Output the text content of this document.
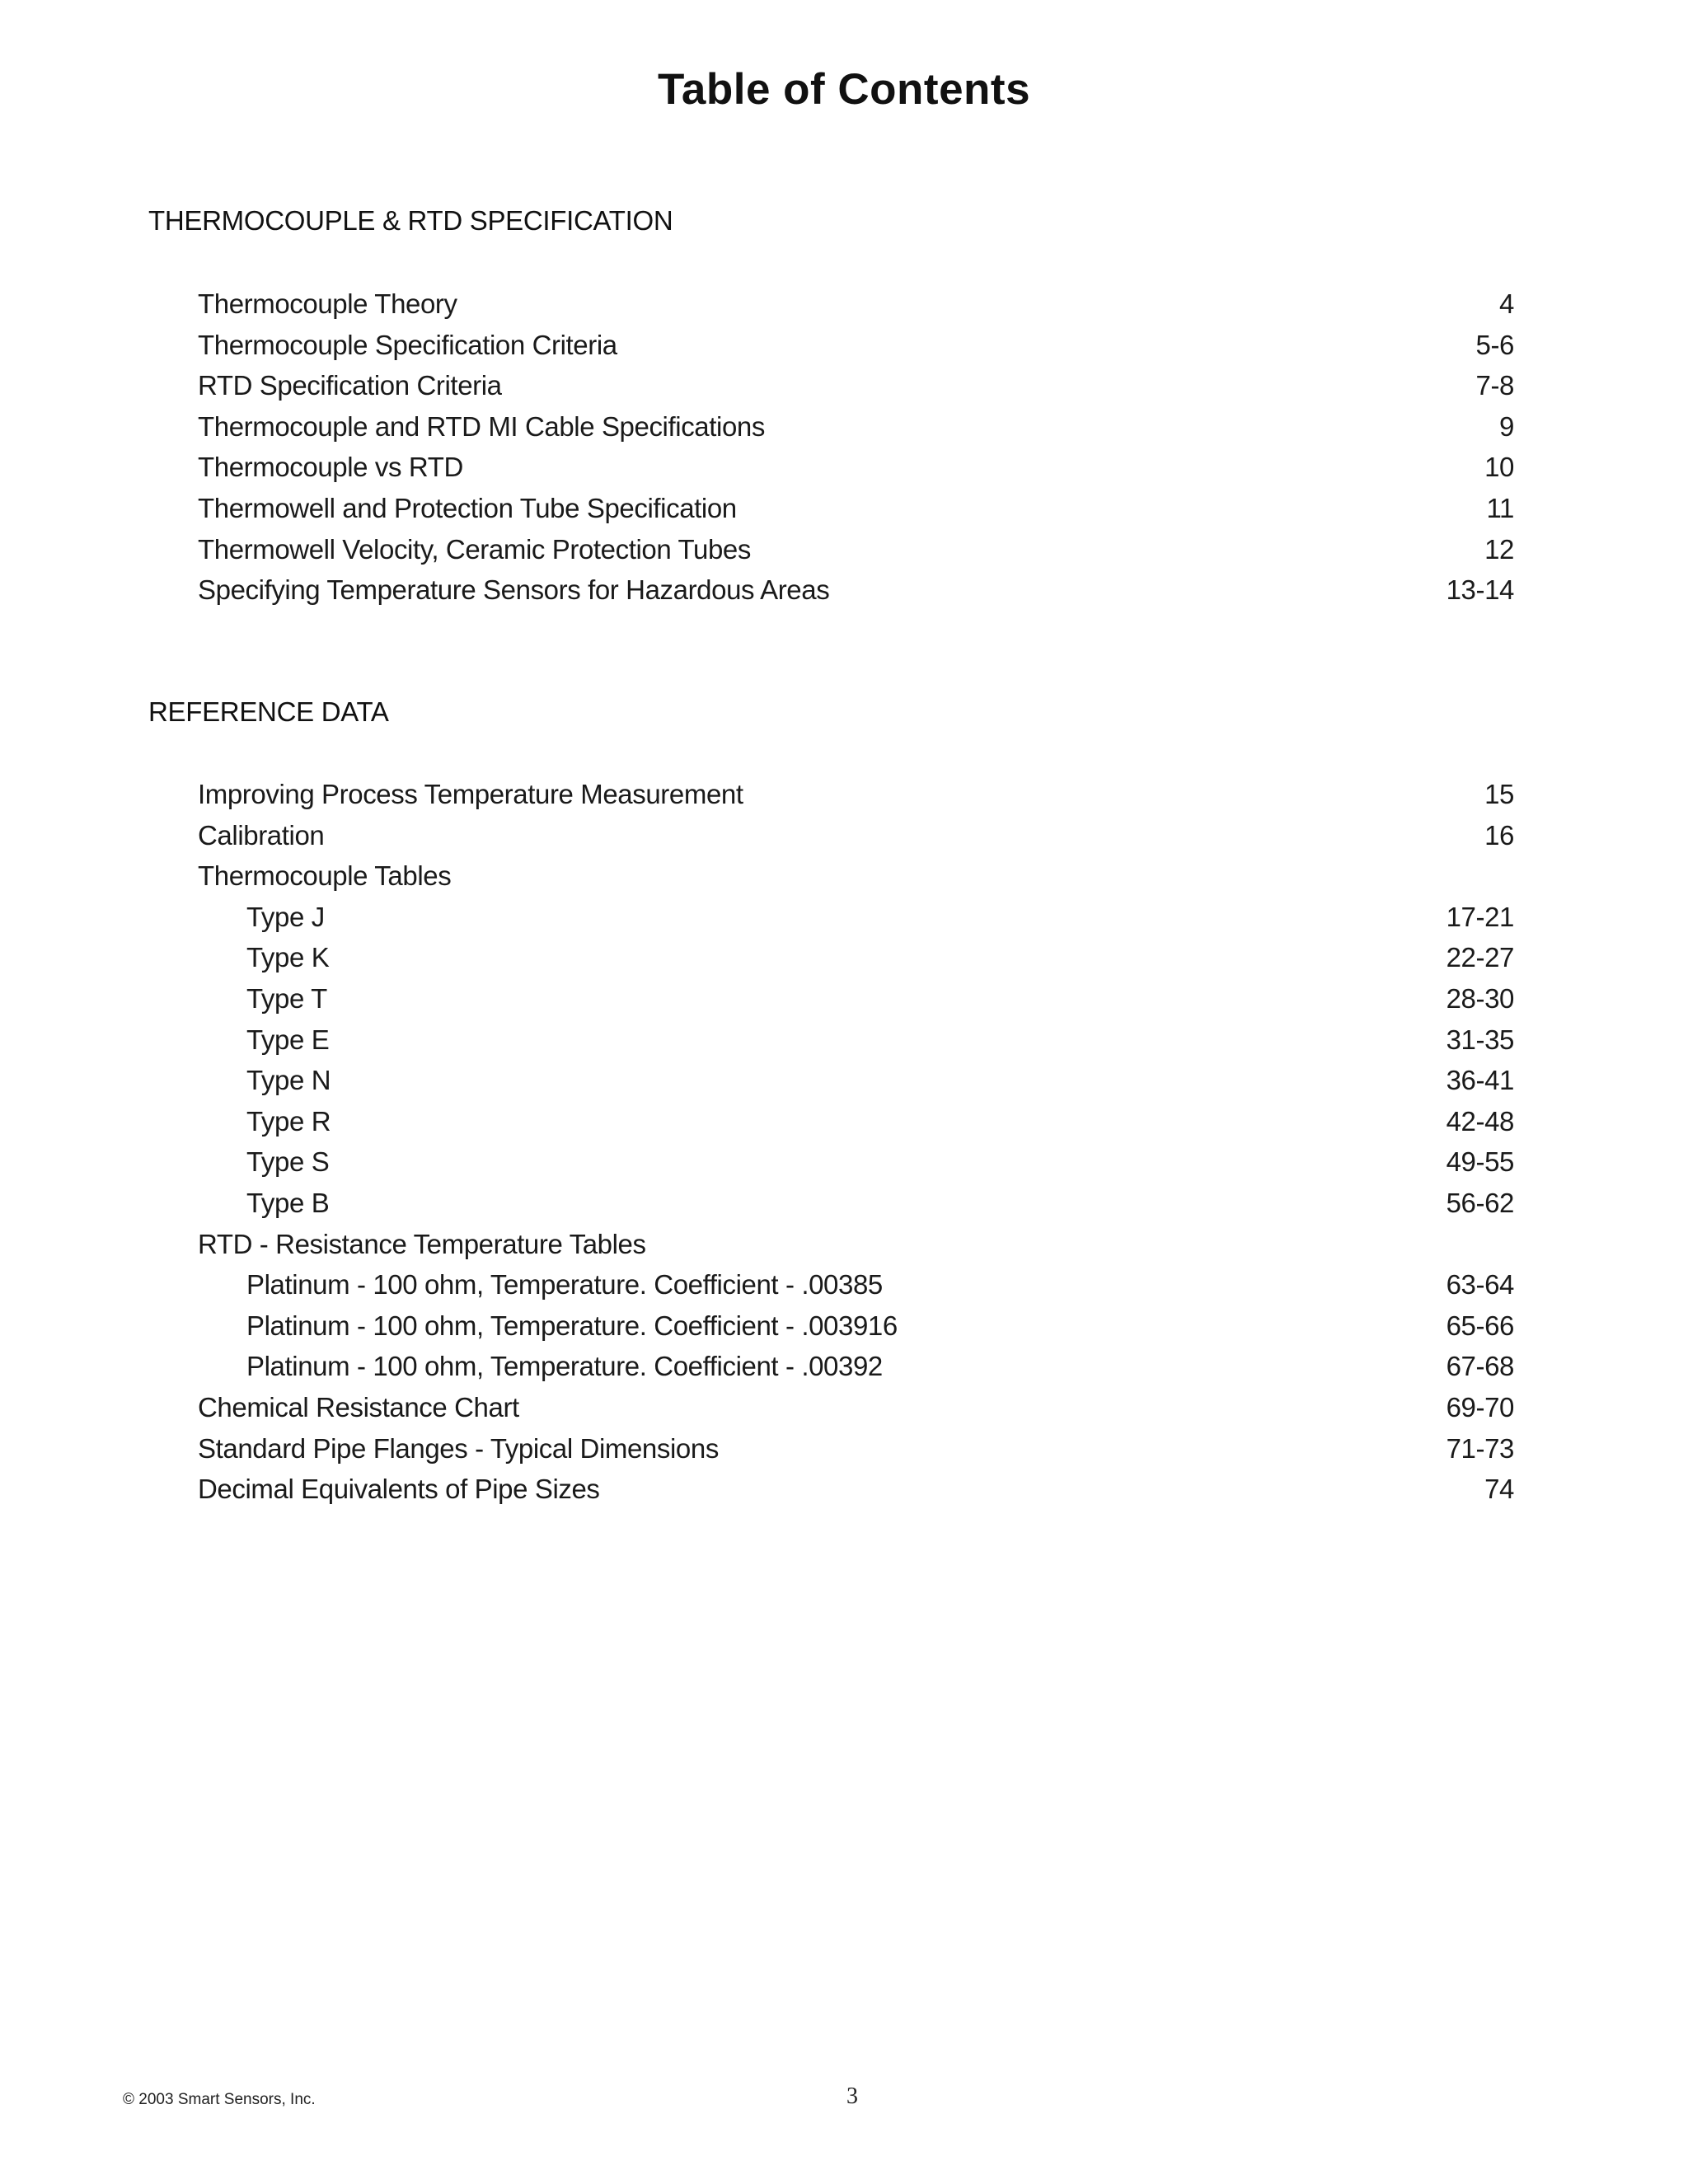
Table of Contents
THERMOCOUPLE & RTD SPECIFICATION
Thermocouple Theory	4
Thermocouple Specification Criteria	5-6
RTD Specification Criteria	7-8
Thermocouple and RTD MI Cable Specifications	9
Thermocouple vs RTD	10
Thermowell and Protection Tube Specification	11
Thermowell Velocity, Ceramic Protection Tubes	12
Specifying Temperature Sensors for Hazardous Areas	13-14
REFERENCE DATA
Improving Process Temperature Measurement	15
Calibration	16
Thermocouple Tables
Type J	17-21
Type K	22-27
Type T	28-30
Type E	31-35
Type N	36-41
Type R	42-48
Type S	49-55
Type B	56-62
RTD - Resistance Temperature Tables
Platinum - 100 ohm, Temperature. Coefficient - .00385	63-64
Platinum - 100 ohm, Temperature. Coefficient - .003916	65-66
Platinum - 100 ohm, Temperature. Coefficient - .00392	67-68
Chemical Resistance Chart	69-70
Standard Pipe Flanges - Typical Dimensions	71-73
Decimal Equivalents of Pipe Sizes	74
© 2003 Smart Sensors, Inc.	3
